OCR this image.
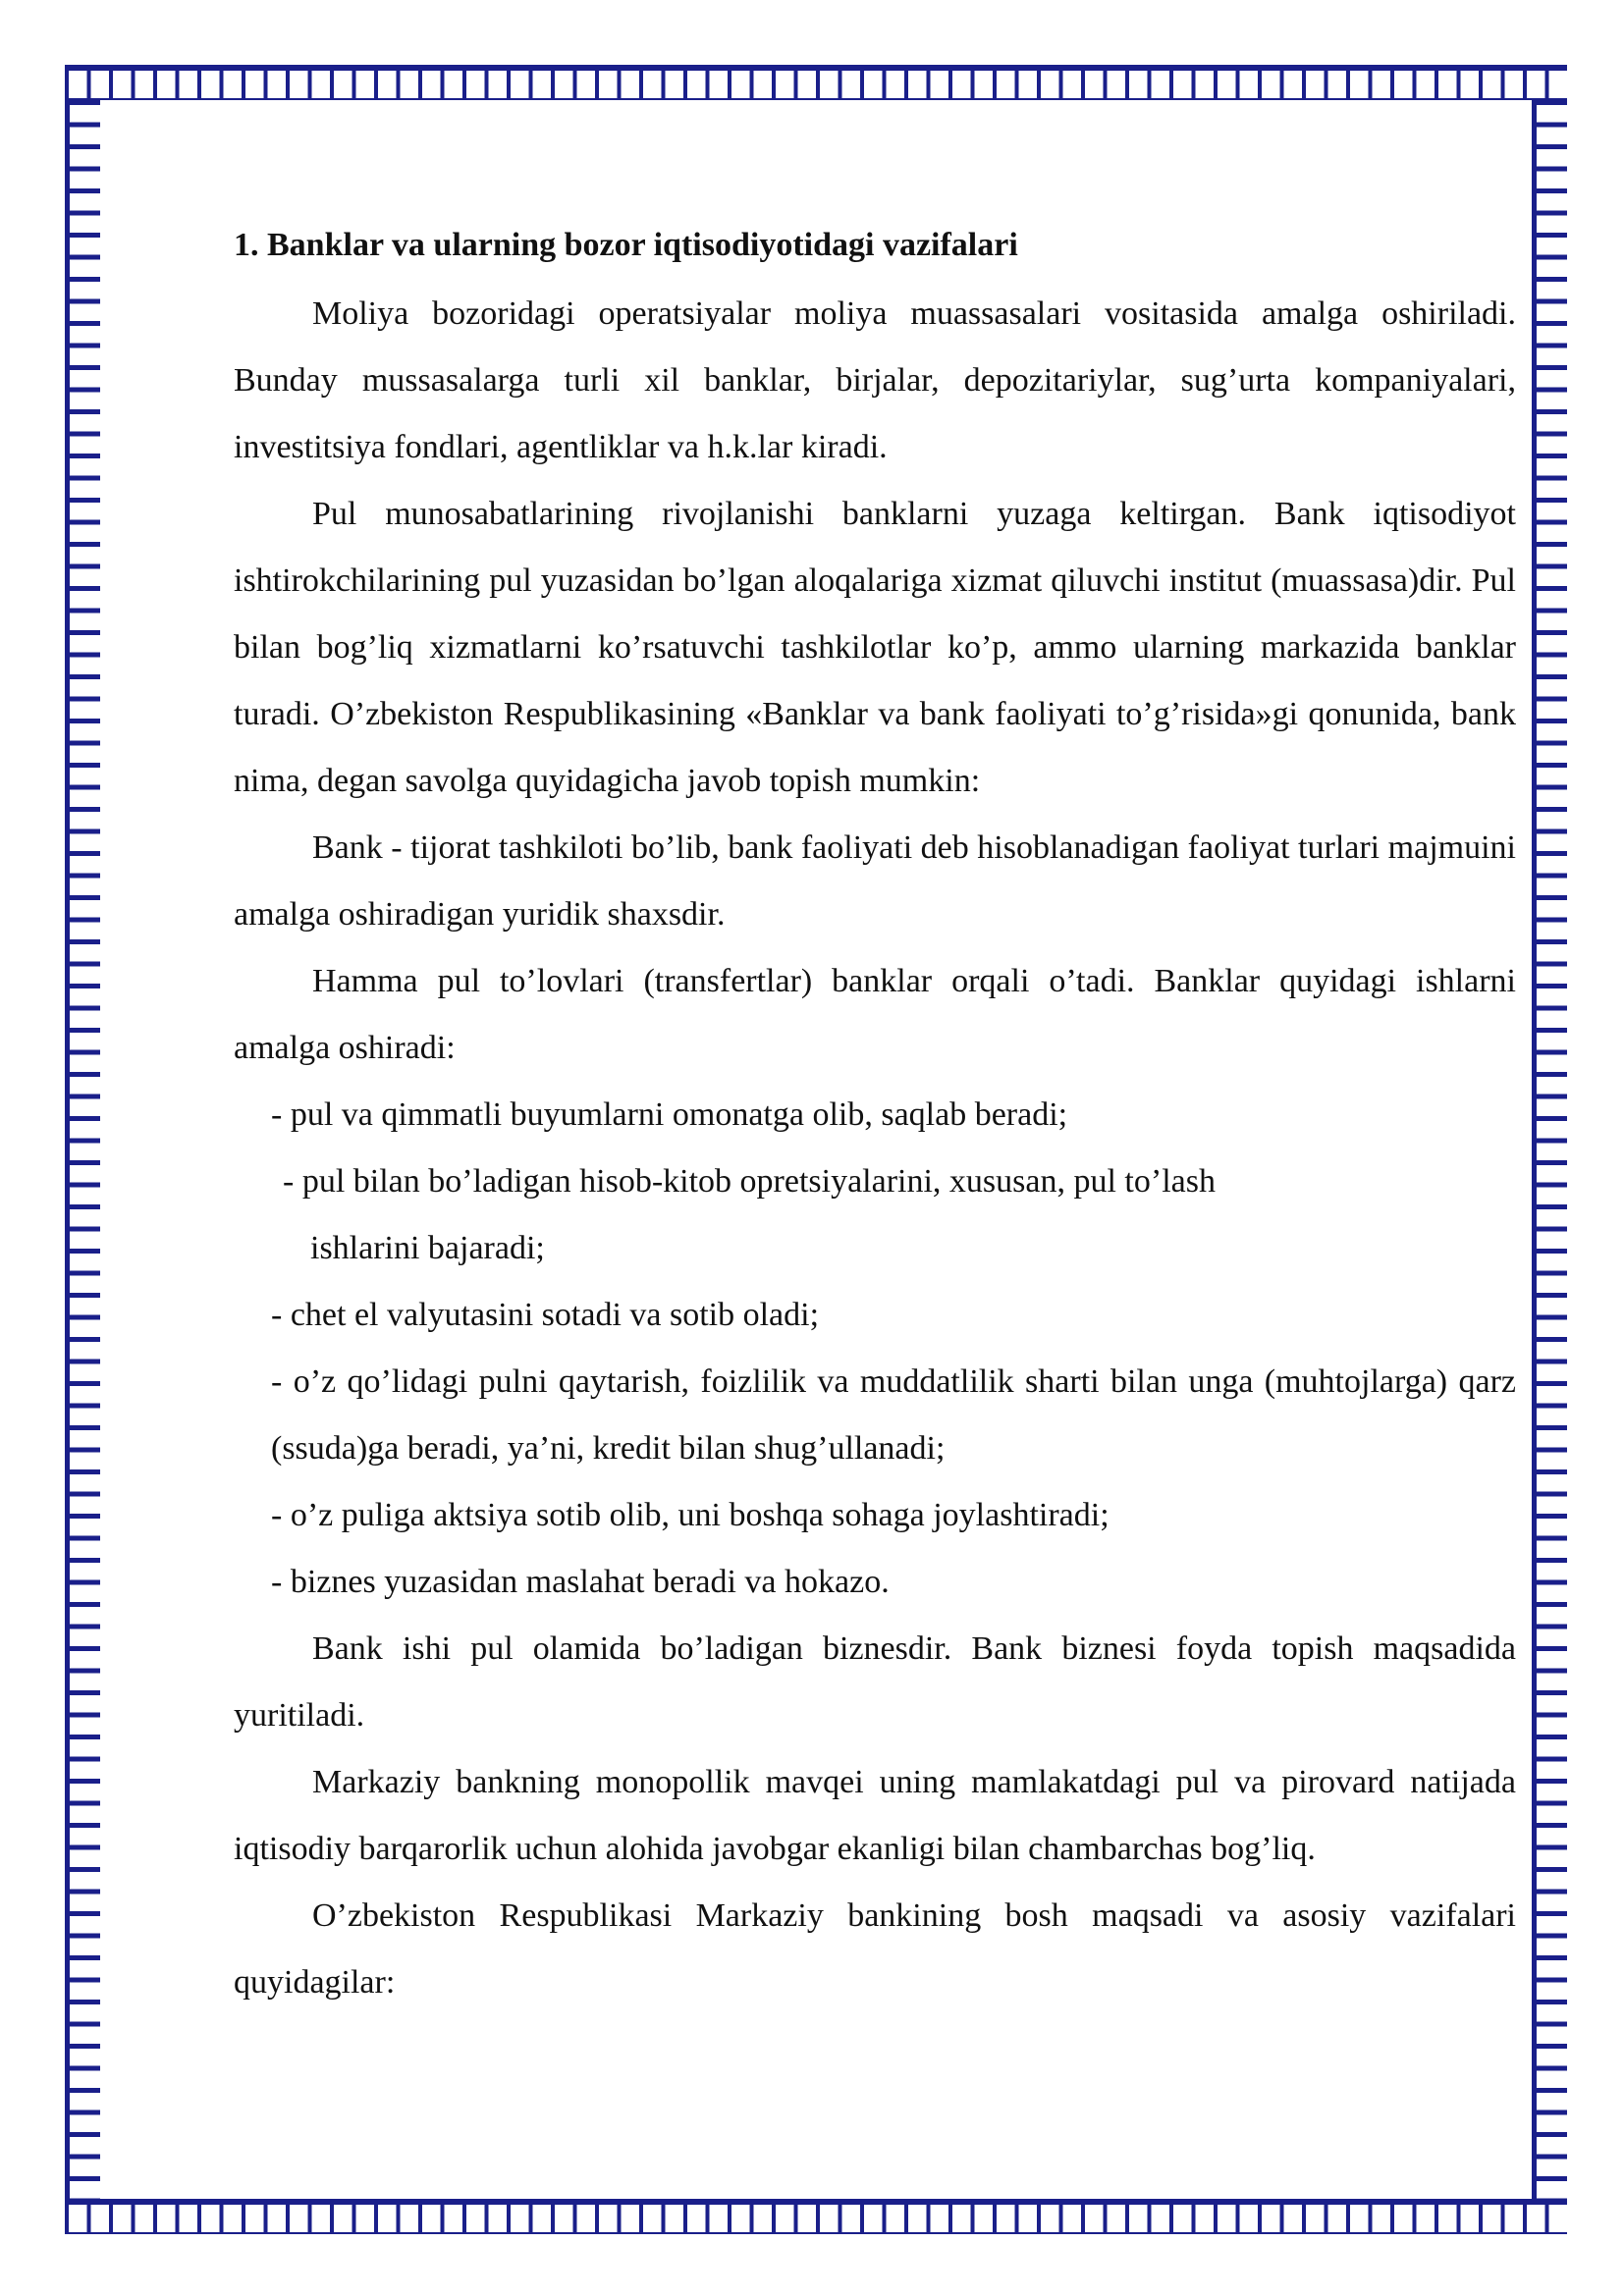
1. Banklar va ularning bozor iqtisodiyotidagi vazifalari

Moliya bozoridagi operatsiyalar moliya muassasalari vositasida amalga oshiriladi. Bunday mussasalarga turli xil banklar, birjalar, depozitariylar, sug’urta kompaniyalari, investitsiya fondlari, agentliklar va h.k.lar kiradi.

Pul munosabatlarining rivojlanishi banklarni yuzaga keltirgan. Bank iqtisodiyot ishtirokchilarining pul yuzasidan bo’lgan aloqalariga xizmat qiluvchi institut (muassasa)dir. Pul bilan bog’liq xizmatlarni ko’rsatuvchi tashkilotlar ko’p, ammo ularning markazida banklar turadi. O’zbekiston Respublikasining «Banklar va bank faoliyati to’g’risida»gi qonunida, bank nima, degan savolga quyidagicha javob topish mumkin:

Bank - tijorat tashkiloti bo’lib, bank faoliyati deb hisoblanadigan faoliyat turlari majmuini amalga oshiradigan yuridik shaxsdir.

Hamma pul to’lovlari (transfertlar) banklar orqali o’tadi. Banklar quyidagi ishlarni amalga oshiradi:

- pul va qimmatli buyumlarni omonatga olib, saqlab beradi;

- pul bilan bo’ladigan hisob-kitob opretsiyalarini, xususan, pul to’lash

ishlarini bajaradi;

- chet el valyutasini sotadi va sotib oladi;

- o’z qo’lidagi pulni qaytarish, foizlilik va muddatlilik sharti bilan unga (muhtojlarga) qarz (ssuda)ga beradi, ya’ni, kredit bilan shug’ullanadi;

- o’z puliga aktsiya sotib olib, uni boshqa sohaga joylashtiradi;

- biznes yuzasidan maslahat beradi va hokazo.

Bank ishi pul olamida bo’ladigan biznesdir. Bank biznesi foyda topish maqsadida yuritiladi.

Markaziy bankning monopollik mavqei uning mamlakatdagi pul va pirovard natijada iqtisodiy barqarorlik uchun alohida javobgar ekanligi bilan chambarchas bog’liq.

O’zbekiston Respublikasi Markaziy bankining bosh maqsadi va asosiy vazifalari quyidagilar:
